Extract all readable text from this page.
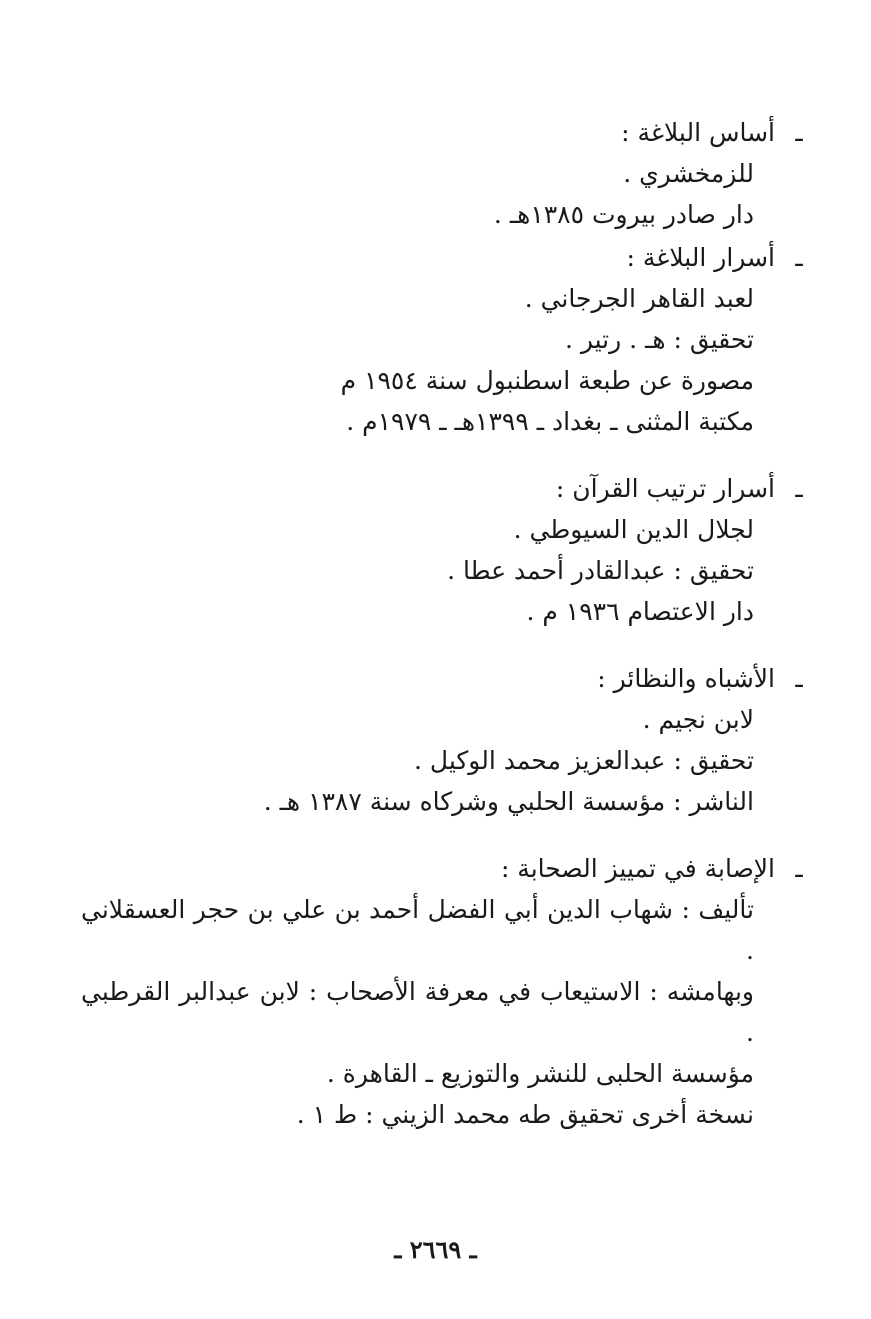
ـ
أساس البلاغة :
للزمخشري .
دار صادر بيروت ١٣٨٥هـ .
ـ
أسرار البلاغة :
لعبد القاهر الجرجاني .
تحقيق : هـ . رتير .
مصورة عن طبعة اسطنبول سنة ١٩٥٤ م
مكتبة المثنى ـ بغداد ـ ١٣٩٩هـ ـ ١٩٧٩م .
ـ
أسرار ترتيب القرآن :
لجلال الدين السيوطي .
تحقيق : عبدالقادر أحمد عطا .
دار الاعتصام ١٩٣٦ م .
ـ
الأشباه والنظائر :
لابن نجيم .
تحقيق : عبدالعزيز محمد الوكيل .
الناشر : مؤسسة الحلبي وشركاه سنة ١٣٨٧ هـ .
ـ
الإصابة في تمييز الصحابة :
تأليف : شهاب الدين أبي الفضل أحمد بن علي بن حجر العسقلاني .
وبهامشه : الاستيعاب في معرفة الأصحاب : لابن عبدالبر القرطبي .
مؤسسة الحلبى للنشر والتوزيع ـ القاهرة .
نسخة أخرى تحقيق طه محمد الزيني : ط ١ .
ـ ٢٦٦٩ ـ
